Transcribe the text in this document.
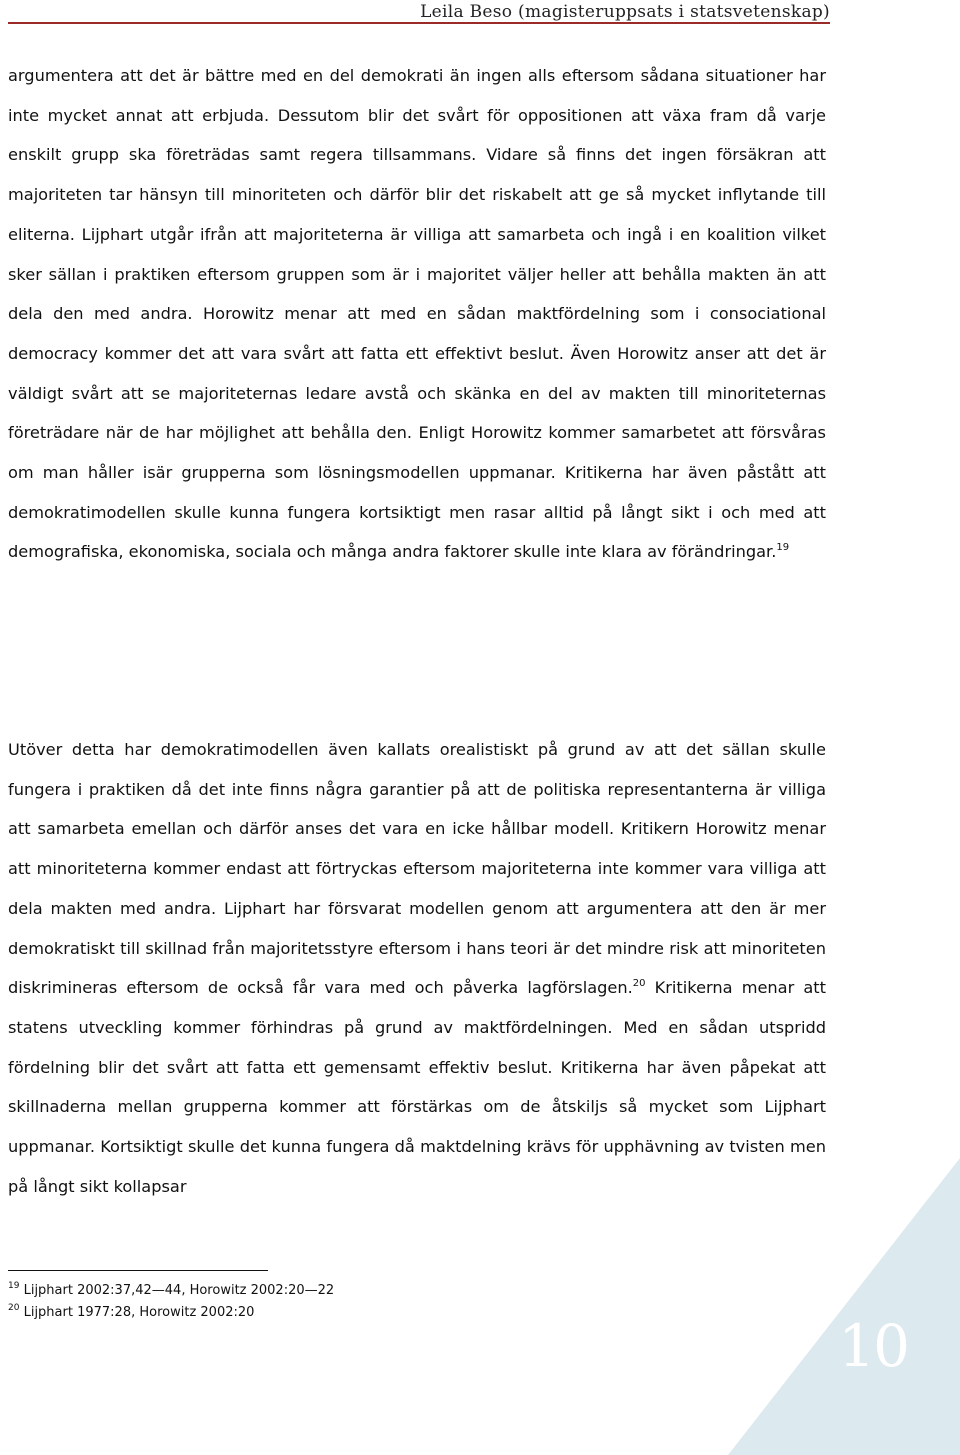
Leila Beso (magisteruppsats i statsvetenskap)

argumentera att det är bättre med en del demokrati än ingen alls eftersom sådana situationer har inte mycket annat att erbjuda. Dessutom blir det svårt för oppositionen att växa fram då varje enskilt grupp ska företrädas samt regera tillsammans. Vidare så finns det ingen försäkran att majoriteten tar hänsyn till minoriteten och därför blir det riskabelt att ge så mycket inflytande till eliterna. Lijphart utgår ifrån att majoriteterna är villiga att samarbeta och ingå i en koalition vilket sker sällan i praktiken eftersom gruppen som är i majoritet väljer heller att behålla makten än att dela den med andra. Horowitz menar att med en sådan maktfördelning som i consociational democracy kommer det att vara svårt att fatta ett effektivt beslut. Även Horowitz anser att det är väldigt svårt att se majoriteternas ledare avstå och skänka en del av makten till minoriteternas företrädare när de har möjlighet att behålla den. Enligt Horowitz kommer samarbetet att försvåras om man håller isär grupperna som lösningsmodellen uppmanar. Kritikerna har även påstått att demokratimodellen skulle kunna fungera kortsiktigt men rasar alltid på långt sikt i och med att demografiska, ekonomiska, sociala och många andra faktorer skulle inte klara av förändringar.$^{19}$

Utöver detta har demokratimodellen även kallats orealistiskt på grund av att det sällan skulle fungera i praktiken då det inte finns några garantier på att de politiska representanterna är villiga att samarbeta emellan och därför anses det vara en icke hållbar modell. Kritikern Horowitz menar att minoriteterna kommer endast att förtryckas eftersom majoriteterna inte kommer vara villiga att dela makten med andra. Lijphart har försvarat modellen genom att argumentera att den är mer demokratiskt till skillnad från majoritetsstyre eftersom i hans teori är det mindre risk att minoriteten diskrimineras eftersom de också får vara med och påverka lagförslagen.$^{20}$ Kritikerna menar att statens utveckling kommer förhindras på grund av maktfördelningen. Med en sådan utspridd fördelning blir det svårt att fatta ett gemensamt effektiv beslut. Kritikerna har även påpekat att skillnaderna mellan grupperna kommer att förstärkas om de åtskiljs så mycket som Lijphart uppmanar. Kortsiktigt skulle det kunna fungera då maktdelning krävs för upphävning av tvisten men på långt sikt kollapsar

$^{19}$ Lijphart 2002:37,42—44, Horowitz 2002:20—22
$^{20}$ Lijphart 1977:28, Horowitz 2002:20	10
